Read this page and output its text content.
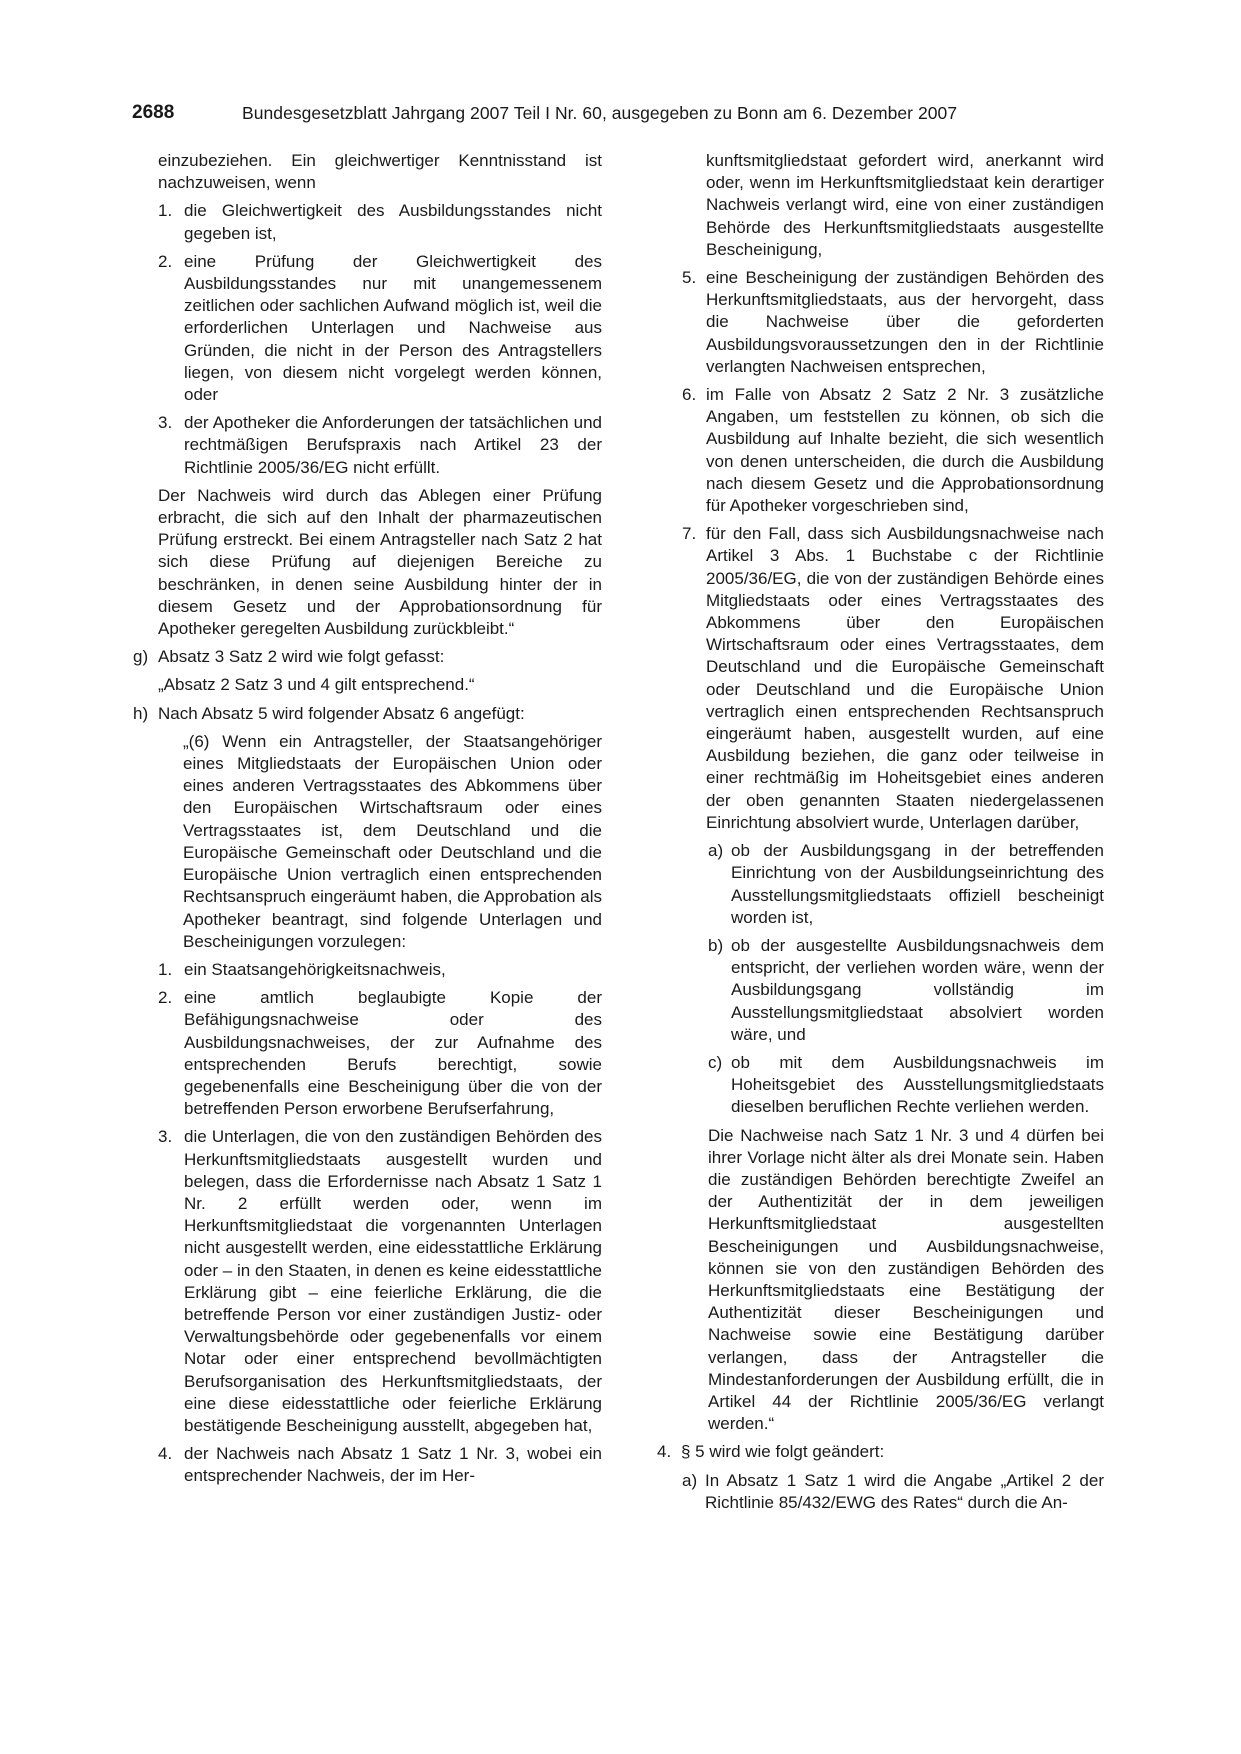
2688	Bundesgesetzblatt Jahrgang 2007 Teil I Nr. 60, ausgegeben zu Bonn am 6. Dezember 2007
einzubeziehen. Ein gleichwertiger Kenntnisstand ist nachzuweisen, wenn
1. die Gleichwertigkeit des Ausbildungsstandes nicht gegeben ist,
2. eine Prüfung der Gleichwertigkeit des Ausbildungsstandes nur mit unangemessenem zeitlichen oder sachlichen Aufwand möglich ist, weil die erforderlichen Unterlagen und Nachweise aus Gründen, die nicht in der Person des Antragstellers liegen, von diesem nicht vorgelegt werden können, oder
3. der Apotheker die Anforderungen der tatsächlichen und rechtmäßigen Berufspraxis nach Artikel 23 der Richtlinie 2005/36/EG nicht erfüllt.
Der Nachweis wird durch das Ablegen einer Prüfung erbracht, die sich auf den Inhalt der pharmazeutischen Prüfung erstreckt. Bei einem Antragsteller nach Satz 2 hat sich diese Prüfung auf diejenigen Bereiche zu beschränken, in denen seine Ausbildung hinter der in diesem Gesetz und der Approbationsordnung für Apotheker geregelten Ausbildung zurückbleibt.“
g) Absatz 3 Satz 2 wird wie folgt gefasst:
„Absatz 2 Satz 3 und 4 gilt entsprechend.“
h) Nach Absatz 5 wird folgender Absatz 6 angefügt:
„(6) Wenn ein Antragsteller, der Staatsangehöriger eines Mitgliedstaats der Europäischen Union oder eines anderen Vertragsstaates des Abkommens über den Europäischen Wirtschaftsraum oder eines Vertragsstaates ist, dem Deutschland und die Europäische Gemeinschaft oder Deutschland und die Europäische Union vertraglich einen entsprechenden Rechtsanspruch eingeräumt haben, die Approbation als Apotheker beantragt, sind folgende Unterlagen und Bescheinigungen vorzulegen:
1. ein Staatsangehörigkeitsnachweis,
2. eine amtlich beglaubigte Kopie der Befähigungsnachweise oder des Ausbildungsnachweises, der zur Aufnahme des entsprechenden Berufs berechtigt, sowie gegebenenfalls eine Bescheinigung über die von der betreffenden Person erworbene Berufserfahrung,
3. die Unterlagen, die von den zuständigen Behörden des Herkunftsmitgliedstaats ausgestellt wurden und belegen, dass die Erfordernisse nach Absatz 1 Satz 1 Nr. 2 erfüllt werden oder, wenn im Herkunftsmitgliedstaat die vorgenannten Unterlagen nicht ausgestellt werden, eine eidesstattliche Erklärung oder – in den Staaten, in denen es keine eidesstattliche Erklärung gibt – eine feierliche Erklärung, die die betreffende Person vor einer zuständigen Justiz- oder Verwaltungsbehörde oder gegebenenfalls vor einem Notar oder einer entsprechend bevollmächtigten Berufsorganisation des Herkunftsmitgliedstaats, der eine diese eidesstattliche oder feierliche Erklärung bestätigende Bescheinigung ausstellt, abgegeben hat,
4. der Nachweis nach Absatz 1 Satz 1 Nr. 3, wobei ein entsprechender Nachweis, der im Her-
kunftsmitgliedstaat gefordert wird, anerkannt wird oder, wenn im Herkunftsmitgliedstaat kein derartiger Nachweis verlangt wird, eine von einer zuständigen Behörde des Herkunftsmitgliedstaats ausgestellte Bescheinigung,
5. eine Bescheinigung der zuständigen Behörden des Herkunftsmitgliedstaats, aus der hervorgeht, dass die Nachweise über die geforderten Ausbildungsvoraussetzungen den in der Richtlinie verlangten Nachweisen entsprechen,
6. im Falle von Absatz 2 Satz 2 Nr. 3 zusätzliche Angaben, um feststellen zu können, ob sich die Ausbildung auf Inhalte bezieht, die sich wesentlich von denen unterscheiden, die durch die Ausbildung nach diesem Gesetz und die Approbationsordnung für Apotheker vorgeschrieben sind,
7. für den Fall, dass sich Ausbildungsnachweise nach Artikel 3 Abs. 1 Buchstabe c der Richtlinie 2005/36/EG, die von der zuständigen Behörde eines Mitgliedstaats oder eines Vertragsstaates des Abkommens über den Europäischen Wirtschaftsraum oder eines Vertragsstaates, dem Deutschland und die Europäische Gemeinschaft oder Deutschland und die Europäische Union vertraglich einen entsprechenden Rechtsanspruch eingeräumt haben, ausgestellt wurden, auf eine Ausbildung beziehen, die ganz oder teilweise in einer rechtmäßig im Hoheitsgebiet eines anderen der oben genannten Staaten niedergelassenen Einrichtung absolviert wurde, Unterlagen darüber,
a) ob der Ausbildungsgang in der betreffenden Einrichtung von der Ausbildungseinrichtung des Ausstellungsmitgliedstaats offiziell bescheinigt worden ist,
b) ob der ausgestellte Ausbildungsnachweis dem entspricht, der verliehen worden wäre, wenn der Ausbildungsgang vollständig im Ausstellungsmitgliedstaat absolviert worden wäre, und
c) ob mit dem Ausbildungsnachweis im Hoheitsgebiet des Ausstellungsmitgliedstaats dieselben beruflichen Rechte verliehen werden.
Die Nachweise nach Satz 1 Nr. 3 und 4 dürfen bei ihrer Vorlage nicht älter als drei Monate sein. Haben die zuständigen Behörden berechtigte Zweifel an der Authentizität der in dem jeweiligen Herkunftsmitgliedstaat ausgestellten Bescheinigungen und Ausbildungsnachweise, können sie von den zuständigen Behörden des Herkunftsmitgliedstaats eine Bestätigung der Authentizität dieser Bescheinigungen und Nachweise sowie eine Bestätigung darüber verlangen, dass der Antragsteller die Mindestanforderungen der Ausbildung erfüllt, die in Artikel 44 der Richtlinie 2005/36/EG verlangt werden.“
4. § 5 wird wie folgt geändert:
a) In Absatz 1 Satz 1 wird die Angabe „Artikel 2 der Richtlinie 85/432/EWG des Rates“ durch die An-
